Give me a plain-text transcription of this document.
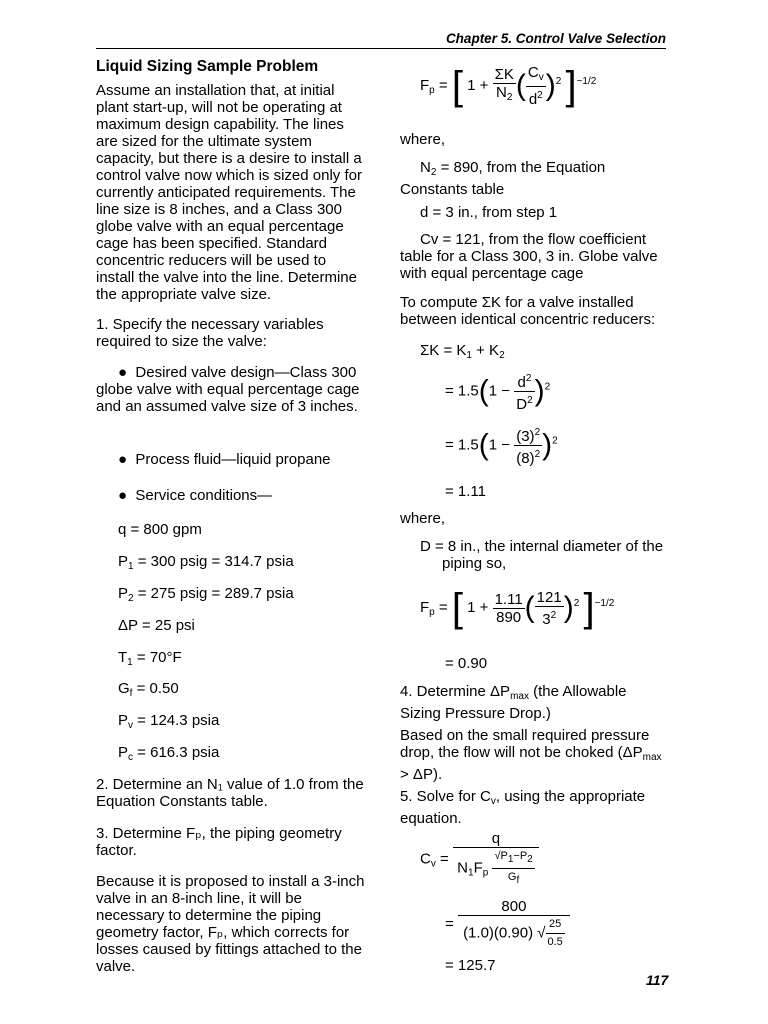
Chapter 5. Control Valve Selection
Liquid Sizing Sample Problem
Assume an installation that, at initial plant start-up, will not be operating at maximum design capability. The lines are sized for the ultimate system capacity, but there is a desire to install a control valve now which is sized only for currently anticipated requirements. The line size is 8 inches, and a Class 300 globe valve with an equal percentage cage has been specified. Standard concentric reducers will be used to install the valve into the line. Determine the appropriate valve size.
1. Specify the necessary variables required to size the valve:
●  Desired valve design—Class 300 globe valve with equal percentage cage and an assumed valve size of 3 inches.
●  Process fluid—liquid propane
●  Service conditions—
q = 800 gpm
$P_1 = 300$ psig = 314.7 psia
$P_2 = 275$ psig = 289.7 psia
ΔP = 25 psi
$T_1 = 70^\circ F$
$G_f = 0.50$
$P_v = 124.3$ psia
$P_c = 616.3$ psia
2. Determine an N₁ value of 1.0 from the Equation Constants table.
3. Determine Fₚ, the piping geometry factor.
Because it is proposed to install a 3-inch valve in an 8-inch line, it will be necessary to determine the piping geometry factor, Fₚ, which corrects for losses caused by fittings attached to the valve.
$F_p$ = [ $1 + \frac{\Sigma K}{N_2}$ ( $\frac{C_v}{d^2} )^2$ ]$^{-1/2}$
where,
$N_2 = 890$, from the Equation Constants table
d = 3 in., from step 1
Cv = 121, from the flow coefficient table for a Class 300, 3 in. Globe valve with equal percentage cage
To compute ΣK for a valve installed between identical concentric reducers:
$\Sigma K = K_1 + K_2$
= $1.5(1 - \frac{d^2}{D^2} )^2$
= $1.5(1 - \frac{(3)^2}{(8)^2} )^2$
= 1.11
where,
D = 8 in., the internal diameter of the piping so,
$F_p$ = [ $1 + \frac{1.11}{890}$ ( $\frac{121}{3^2} )^2$ ]$^{-1/2}$
= 0.90
4. Determine $\Delta P_{max}$ (the Allowable Sizing Pressure Drop.)
Based on the small required pressure drop, the flow will not be choked $(\Delta P_{max} > \Delta P)$.
5. Solve for $C_v$, using the appropriate equation.
$C_v = \frac{q}{N_1F_p \frac{√P_1-P_2}{G_f}}$
= $\frac{800}{(1.0)(0.90) √ \frac{25}{0.5}}$
= 125.7
117
